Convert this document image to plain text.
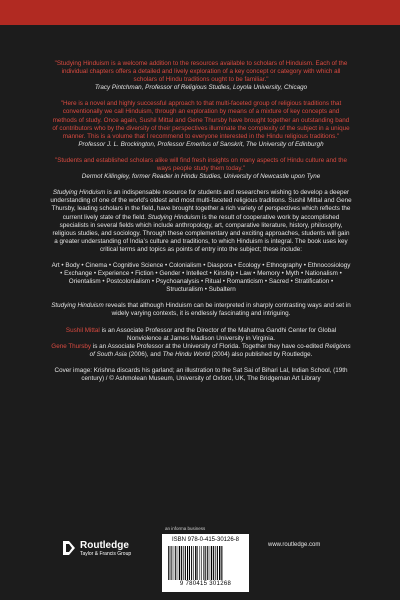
"Studying Hinduism is a welcome addition to the resources available to scholars of Hinduism. Each of the individual chapters offers a detailed and lively exploration of a key concept or category with which all scholars of Hindu traditions ought to be familiar."
Tracy Pintchman, Professor of Religious Studies, Loyola University, Chicago

"Here is a novel and highly successful approach to that multi-faceted group of religious traditions that conventionally we call Hinduism, through an exploration by means of a mixture of key concepts and methods of study. Once again, Sushil Mittal and Gene Thursby have brought together an outstanding band of contributors who by the diversity of their perspectives illuminate the complexity of the subject in a unique manner. This is a volume that I recommend to everyone interested in the Hindu religious traditions."
Professor J. L. Brockington, Professor Emeritus of Sanskrit, The University of Edinburgh

"Students and established scholars alike will find fresh insights on many aspects of Hindu culture and the ways people study them today."
Dermot Killingley, former Reader in Hindu Studies, University of Newcastle upon Tyne

Studying Hinduism is an indispensable resource for students and researchers wishing to develop a deeper understanding of one of the world’s oldest and most multi-faceted religious traditions. Sushil Mittal and Gene Thursby, leading scholars in the field, have brought together a rich variety of perspectives which reflects the current lively state of the field. Studying Hinduism is the result of cooperative work by accomplished specialists in several fields which include anthropology, art, comparative literature, history, philosophy, religious studies, and sociology. Through these complementary and exciting approaches, students will gain a greater understanding of India’s culture and traditions, to which Hinduism is integral. The book uses key critical terms and topics as points of entry into the subject; these include:

Art • Body • Cinema • Cognitive Science • Colonialism • Diaspora • Ecology • Ethnography • Ethnocosiology • Exchange • Experience • Fiction • Gender • Intellect • Kinship • Law • Memory • Myth • Nationalism • Orientalism • Postcolonialism • Psychoanalysis • Ritual • Romanticism • Sacred • Stratification • Structuralism • Subaltern

Studying Hinduism reveals that although Hinduism can be interpreted in sharply contrasting ways and set in widely varying contexts, it is endlessly fascinating and intriguing.

Sushil Mittal is an Associate Professor and the Director of the Mahatma Gandhi Center for Global Nonviolence at James Madison University in Virginia.
Gene Thursby is an Associate Professor at the University of Florida. Together they have co-edited Religions of South Asia (2006), and The Hindu World (2004) also published by Routledge.

Cover image: Krishna discards his garland; an illustration to the Sat Sai of Bihari Lal, Indian School, (19th century) / © Ashmolean Museum, University of Oxford, UK, The Bridgeman Art Library

Routledge
Taylor & Francis Group
an informa business
ISBN 978-0-415-30126-8
9 780415 301268
www.routledge.com
